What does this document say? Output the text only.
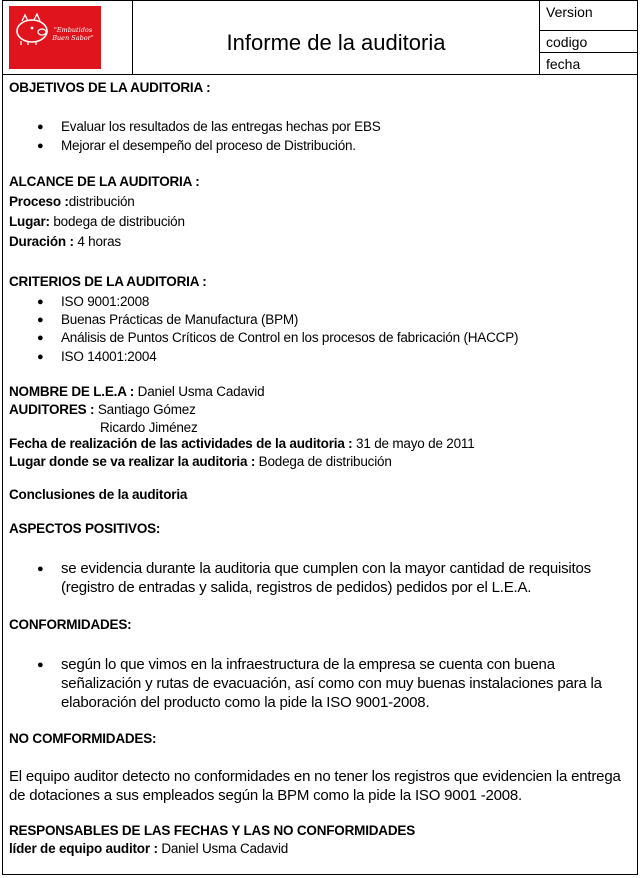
"Embutidos Buen Sabor"	Informe de la auditoria
Version
codigo
fecha
OBJETIVOS DE LA AUDITORIA :
● Evaluar los resultados de las entregas hechas por EBS
● Mejorar el desempeño del proceso de Distribución.
ALCANCE DE LA AUDITORIA :
Proceso :distribución
Lugar: bodega de distribución
Duración : 4 horas
CRITERIOS DE LA AUDITORIA :
● ISO 9001:2008
● Buenas Prácticas de Manufactura (BPM)
● Análisis de Puntos Críticos de Control en los procesos de fabricación (HACCP)
● ISO 14001:2004
NOMBRE DE L.E.A : Daniel Usma Cadavid
AUDITORES : Santiago Gómez
Ricardo Jiménez
Fecha de realización de las actividades de la auditoria : 31 de mayo de 2011
Lugar donde se va realizar la auditoria : Bodega de distribución
Conclusiones de la auditoria
ASPECTOS POSITIVOS:
● se evidencia durante la auditoria que cumplen con la mayor cantidad de requisitos (registro de entradas y salida, registros de pedidos) pedidos por el L.E.A.
CONFORMIDADES:
● según lo que vimos en la infraestructura de la empresa se cuenta con buena señalización y rutas de evacuación, así como con muy buenas instalaciones para la elaboración del producto como la pide la ISO 9001-2008.
NO COMFORMIDADES:
El equipo auditor detecto no conformidades en no tener los registros que evidencien la entrega de dotaciones a sus empleados según la BPM como la pide la ISO 9001 -2008.
RESPONSABLES DE LAS FECHAS Y LAS NO CONFORMIDADES
líder de equipo auditor : Daniel Usma Cadavid
